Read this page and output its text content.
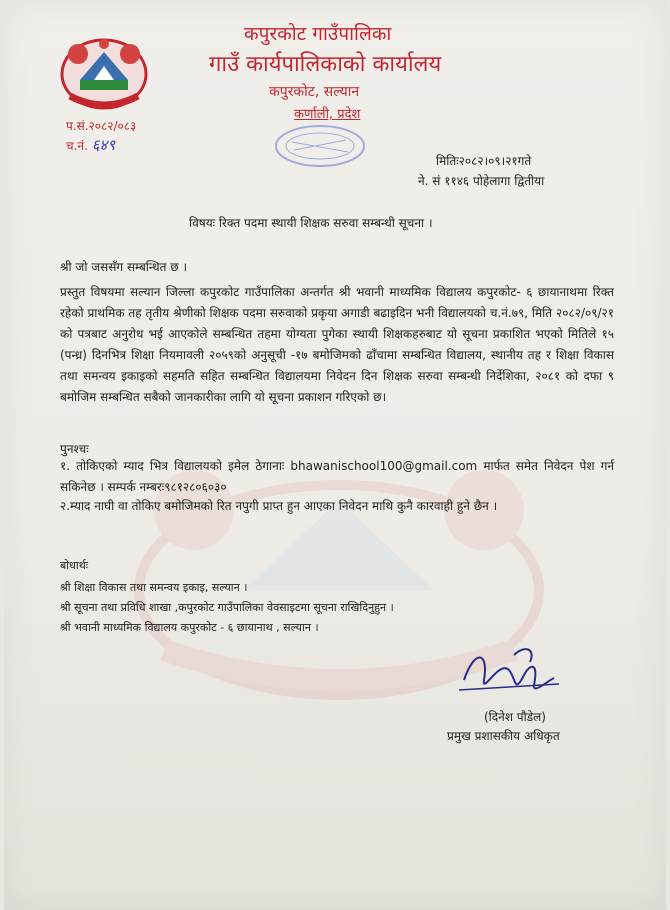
कपुरकोट गाउँपालिका
गाउँ कार्यपालिकाको कार्यालय
कपुरकोट, सल्यान
कर्णाली, प्रदेश
प.सं.२०८२/०८३
च.नं. ६४९
मितिः२०८२।०९।२१गते
ने. सं ११४६ पोहेलागा द्वितीया
विषयः रिक्त पदमा स्थायी शिक्षक सरुवा सम्बन्धी सूचना ।
श्री जो जससँग सम्बन्धित छ ।
प्रस्तुत विषयमा सल्यान जिल्ला कपुरकोट गाउँपालिका अन्तर्गत श्री भवानी माध्यमिक विद्यालय कपुरकोट- ६ छायानाथमा रिक्त रहेको प्राथमिक तह तृतीय श्रेणीको शिक्षक पदमा सरुवाको प्रकृया अगाडी बढाइदिन भनी विद्यालयको च.नं.७९, मिति २०८२/०९/२१ को पत्रबाट अनुरोध भई आएकोले सम्बन्धित तहमा योग्यता पुगेका स्थायी शिक्षकहरुबाट यो सूचना प्रकाशित भएको मितिले १५ (पन्ध्र) दिनभित्र शिक्षा नियमावली २०५९को अनुसूची -१७ बमोजिमको ढाँचामा सम्बन्धित विद्यालय, स्थानीय तह र शिक्षा विकास तथा समन्वय इकाइको सहमति सहित सम्बन्धित विद्यालयमा निवेदन दिन शिक्षक सरुवा सम्बन्धी निर्देशिका, २०८१ को दफा ९ बमोजिम सम्बन्धित सबैको जानकारीका लागि यो सूचना प्रकाशन गरिएको छ।
पुनश्चः
१. तोकिएको म्याद भित्र विद्यालयको इमेल ठेगानाः bhawanischool100@gmail.com मार्फत समेत निवेदन पेश गर्न सकिनेछ । सम्पर्क नम्बरः९८१२८०६०३०
२.म्याद नाघी वा तोकिए बमोजिमको रित नपुगी प्राप्त हुन आएका निवेदन माथि कुनै कारवाही हुने छैन ।
बोधार्थः
श्री शिक्षा विकास तथा समन्वय इकाइ, सल्यान ।
श्री सूचना तथा प्रविधि शाखा ,कपुरकोट गाउँपालिका वेवसाइटमा सूचना राखिदिनुहुन ।
श्री भवानी माध्यमिक विद्यालय कपुरकोट - ६ छायानाथ , सल्यान ।
(दिनेश पौडेल)
प्रमुख प्रशासकीय अधिकृत
